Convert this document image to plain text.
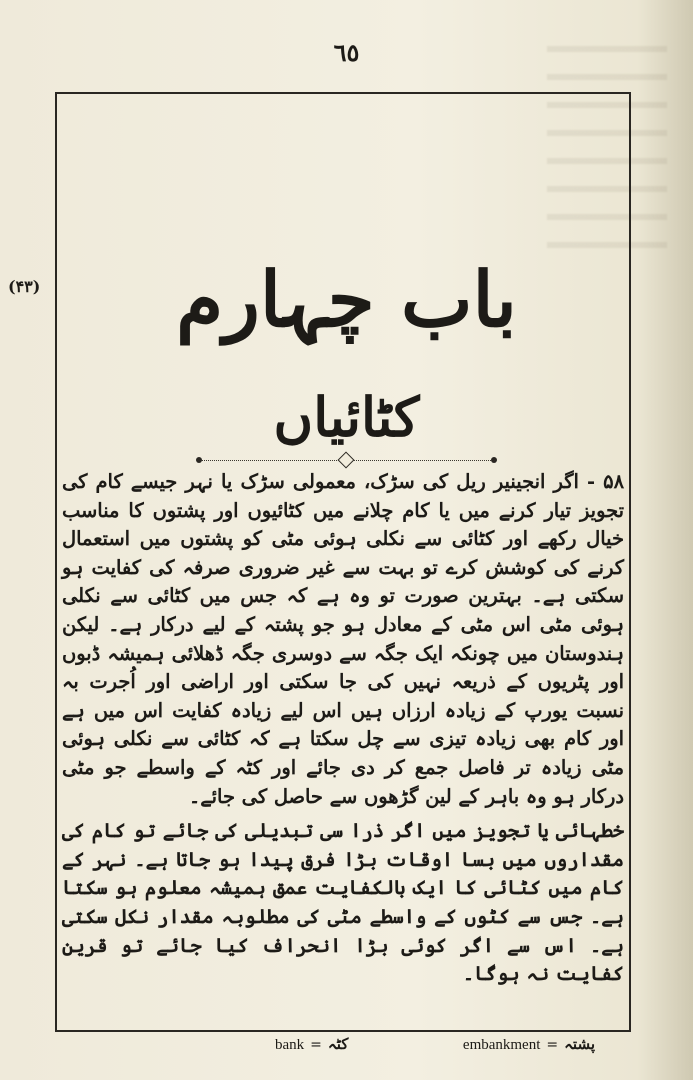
٦٥
(۴۳)	باب چہارم
کٹائیاں

۵۸ - اگر انجینیر ریل کی سڑک، معمولی سڑک یا نہر جیسے کام کی تجویز تیار کرنے میں یا کام چلانے میں کٹائیوں اور پشتوں کا مناسب خیال رکھے اور کٹائی سے نکلی ہوئی مٹی کو پشتوں میں استعمال کرنے کی کوشش کرے تو بہت سے غیر ضروری صرفہ کی کفایت ہو سکتی ہے۔ بہترین صورت تو وہ ہے کہ جس میں کٹائی سے نکلی ہوئی مٹی اس مٹی کے معادل ہو جو پشتہ کے لیے درکار ہے۔ لیکن ہندوستان میں چونکہ ایک جگہ سے دوسری جگہ ڈھلائی ہمیشہ ڈبوں اور پٹریوں کے ذریعہ نہیں کی جا سکتی اور اراضی اور اُجرت بہ نسبت یورپ کے زیادہ ارزاں ہیں اس لیے زیادہ کفایت اس میں ہے اور کام بھی زیادہ تیزی سے چل سکتا ہے کہ کٹائی سے نکلی ہوئی مٹی زیادہ تر فاصل جمع کر دی جائے اور کٹہ کے واسطے جو مٹی درکار ہو وہ باہر کے لین گڑھوں سے حاصل کی جائے۔

خطہائی یا تجویز میں اگر ذرا سی تبدیلی کی جائے تو کام کی مقداروں میں بسا اوقات بڑا فرق پیدا ہو جاتا ہے۔ نہر کے کام میں کٹائی کا ایک بالکفایت عمق ہمیشہ معلوم ہو سکتا ہے۔ جس سے کٹوں کے واسطے مٹی کی مطلوبہ مقدار نکل سکتی ہے۔ اس سے اگر کوئی بڑا انحراف کیا جائے تو قرین کفایت نہ ہوگا۔

embankment = پشتہ
bank = کٹہ
